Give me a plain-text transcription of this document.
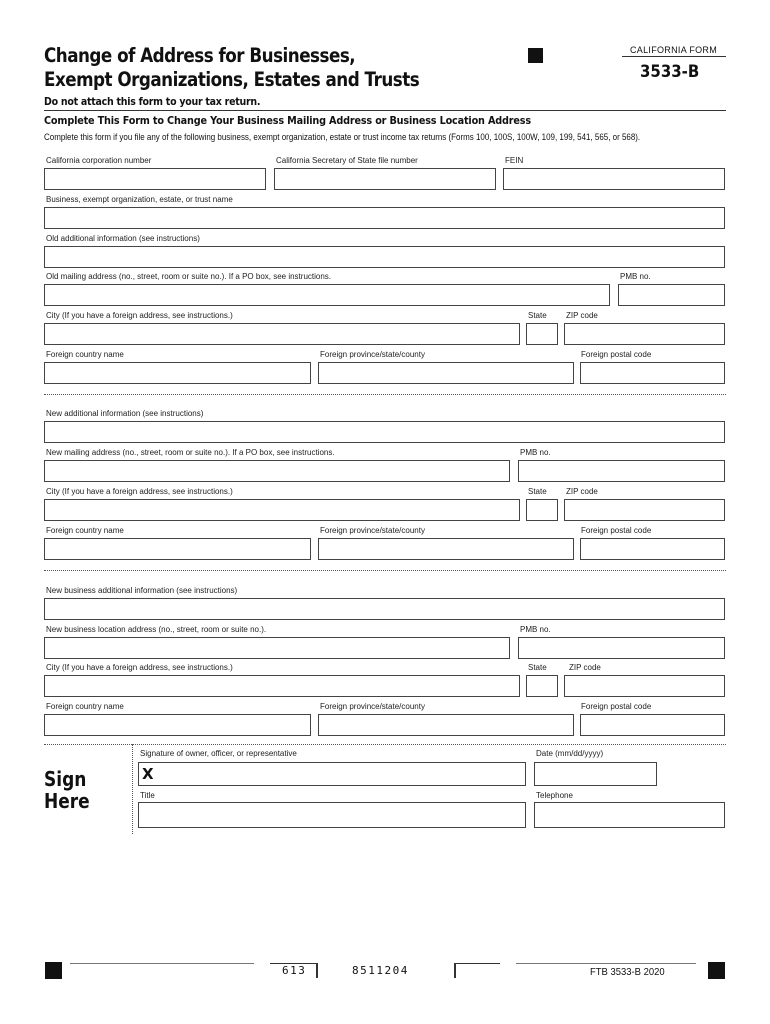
Change of Address for Businesses,
Exempt Organizations, Estates and Trusts
Do not attach this form to your tax return.
CALIFORNIA FORM
3533-B
Complete This Form to Change Your Business Mailing Address or Business Location Address
Complete this form if you file any of the following business, exempt organization, estate or trust income tax returns (Forms 100, 100S, 100W, 109, 199, 541, 565, or 568).
California corporation number	California Secretary of State file number	FEIN
Business, exempt organization, estate, or trust name
Old additional information (see instructions)
Old mailing address (no., street, room or suite no.). If a PO box, see instructions.	PMB no.
City (If you have a foreign address, see instructions.)	State ZIP code
Foreign country name	Foreign province/state/county	Foreign postal code
New additional information (see instructions)
New mailing address (no., street, room or suite no.). If a PO box, see instructions.	PMB no.
City (If you have a foreign address, see instructions.)	State ZIP code
Foreign country name	Foreign province/state/county	Foreign postal code
New business additional information (see instructions)
New business location address (no., street, room or suite no.).	PMB no.
City (If you have a foreign address, see instructions.)	State	ZIP code
Foreign country name	Foreign province/state/county	Foreign postal code
Sign
Here
Signature of owner, officer, or representative	Date (mm/dd/yyyy)
X
Title	Telephone
613	8511204	FTB 3533-B 2020
